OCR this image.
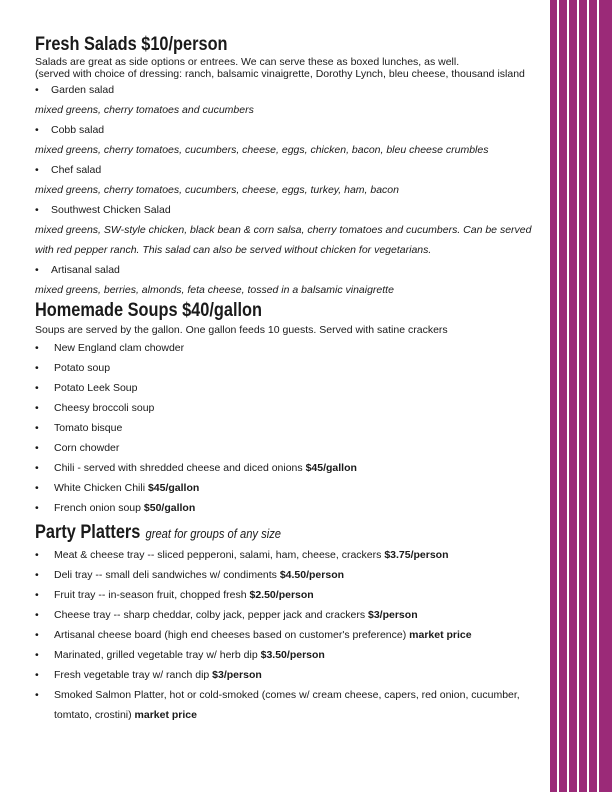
Fresh Salads $10/person
Salads are great as side options or entrees. We can serve these as boxed lunches, as well.
(served with choice of dressing: ranch, balsamic vinaigrette, Dorothy Lynch, bleu cheese, thousand island
• Garden salad
mixed greens, cherry tomatoes and cucumbers
• Cobb salad
mixed greens, cherry tomatoes, cucumbers, cheese, eggs, chicken, bacon, bleu cheese crumbles
• Chef salad
mixed greens, cherry tomatoes, cucumbers, cheese, eggs, turkey, ham, bacon
• Southwest Chicken Salad
mixed greens, SW-style chicken, black bean & corn salsa, cherry tomatoes and cucumbers. Can be served
with red pepper ranch. This salad can also be served without chicken for vegetarians.
• Artisanal salad
mixed greens, berries, almonds, feta cheese, tossed in a balsamic vinaigrette
Homemade Soups $40/gallon
Soups are served by the gallon. One gallon feeds 10 guests. Served with satine crackers
• New England clam chowder
• Potato soup
• Potato Leek Soup
• Cheesy broccoli soup
• Tomato bisque
• Corn chowder
• Chili - served with shredded cheese and diced onions $45/gallon
• White Chicken Chili $45/gallon
• French onion soup $50/gallon
Party Platters great for groups of any size
• Meat & cheese tray -- sliced pepperoni, salami, ham, cheese, crackers $3.75/person
• Deli tray -- small deli sandwiches w/ condiments $4.50/person
• Fruit tray -- in-season fruit, chopped fresh $2.50/person
• Cheese tray -- sharp cheddar, colby jack, pepper jack and crackers $3/person
• Artisanal cheese board (high end cheeses based on customer's preference) market price
• Marinated, grilled vegetable tray w/ herb dip $3.50/person
• Fresh vegetable tray w/ ranch dip $3/person
• Smoked Salmon Platter, hot or cold-smoked (comes w/ cream cheese, capers, red onion, cucumber, tomtato, crostini) market price
